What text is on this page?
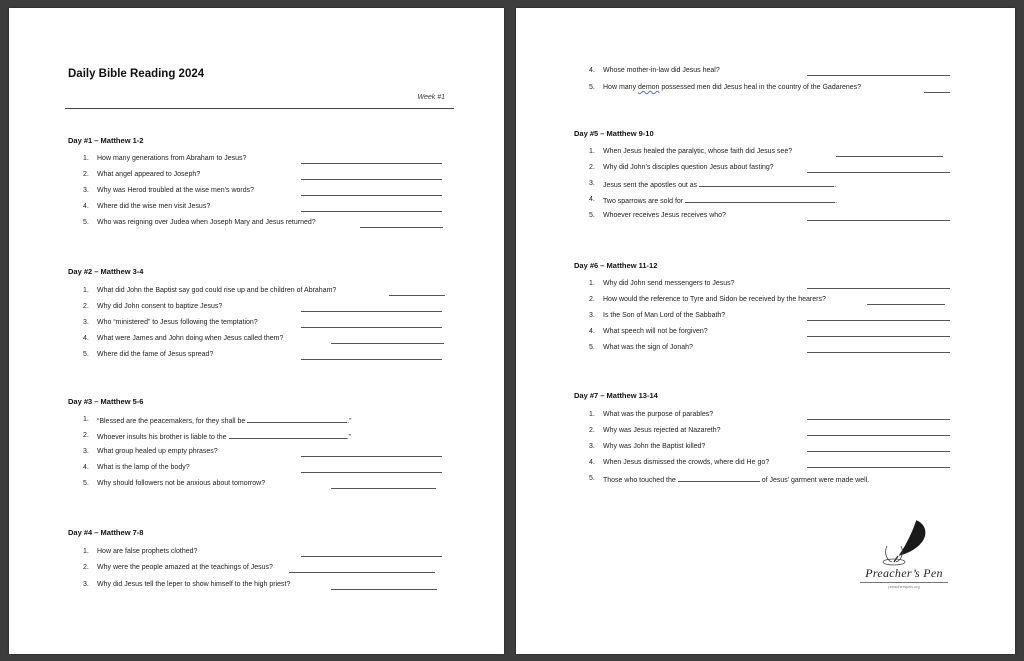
Daily Bible Reading 2024
Week #1
Day #1 – Matthew 1-2
1. How many generations from Abraham to Jesus?
2. What angel appeared to Joseph?
3. Why was Herod troubled at the wise men’s words?
4. Where did the wise men visit Jesus?
5. Who was reigning over Judea when Joseph Mary and Jesus returned?
Day #2 – Matthew 3-4
1. What did John the Baptist say god could rise up and be children of Abraham?
2. Why did John consent to baptize Jesus?
3. Who “ministered” to Jesus following the temptation?
4. What were James and John doing when Jesus called them?
5. Where did the fame of Jesus spread?
Day #3 – Matthew 5-6
1. “Blessed are the peacemakers, for they shall be	.”
2. Whoever insults his brother is liable to the	.”
3. What group healed up empty phrases?
4. What is the lamp of the body?
5. Why should followers not be anxious about tomorrow?
Day #4 – Matthew 7-8
1. How are false prophets clothed?
2. Why were the people amazed at the teachings of Jesus?
3. Why did Jesus tell the leper to show himself to the high priest?
4. Whose mother-in-law did Jesus heal?
5. How many demon possessed men did Jesus heal in the country of the Gadarenes?
Day #5 – Matthew 9-10
1. When Jesus healed the paralytic, whose faith did Jesus see?
2. Why did John’s disciples question Jesus about fasting?
3. Jesus sent the apostles out as	.
4. Two sparrows are sold for	.
5. Whoever receives Jesus receives who?
Day #6 – Matthew 11-12
1. Why did John send messengers to Jesus?
2. How would the reference to Tyre and Sidon be received by the hearers?
3. Is the Son of Man Lord of the Sabbath?
4. What speech will not be forgiven?
5. What was the sign of Jonah?
Day #7 – Matthew 13-14
1. What was the purpose of parables?
2. Why was Jesus rejected at Nazareth?
3. Why was John the Baptist killed?
4. When Jesus dismissed the crowds, where did He go?
5. Those who touched the	of Jesus’ garment were made well.
Preacher’s Pen
preacherspen.org
